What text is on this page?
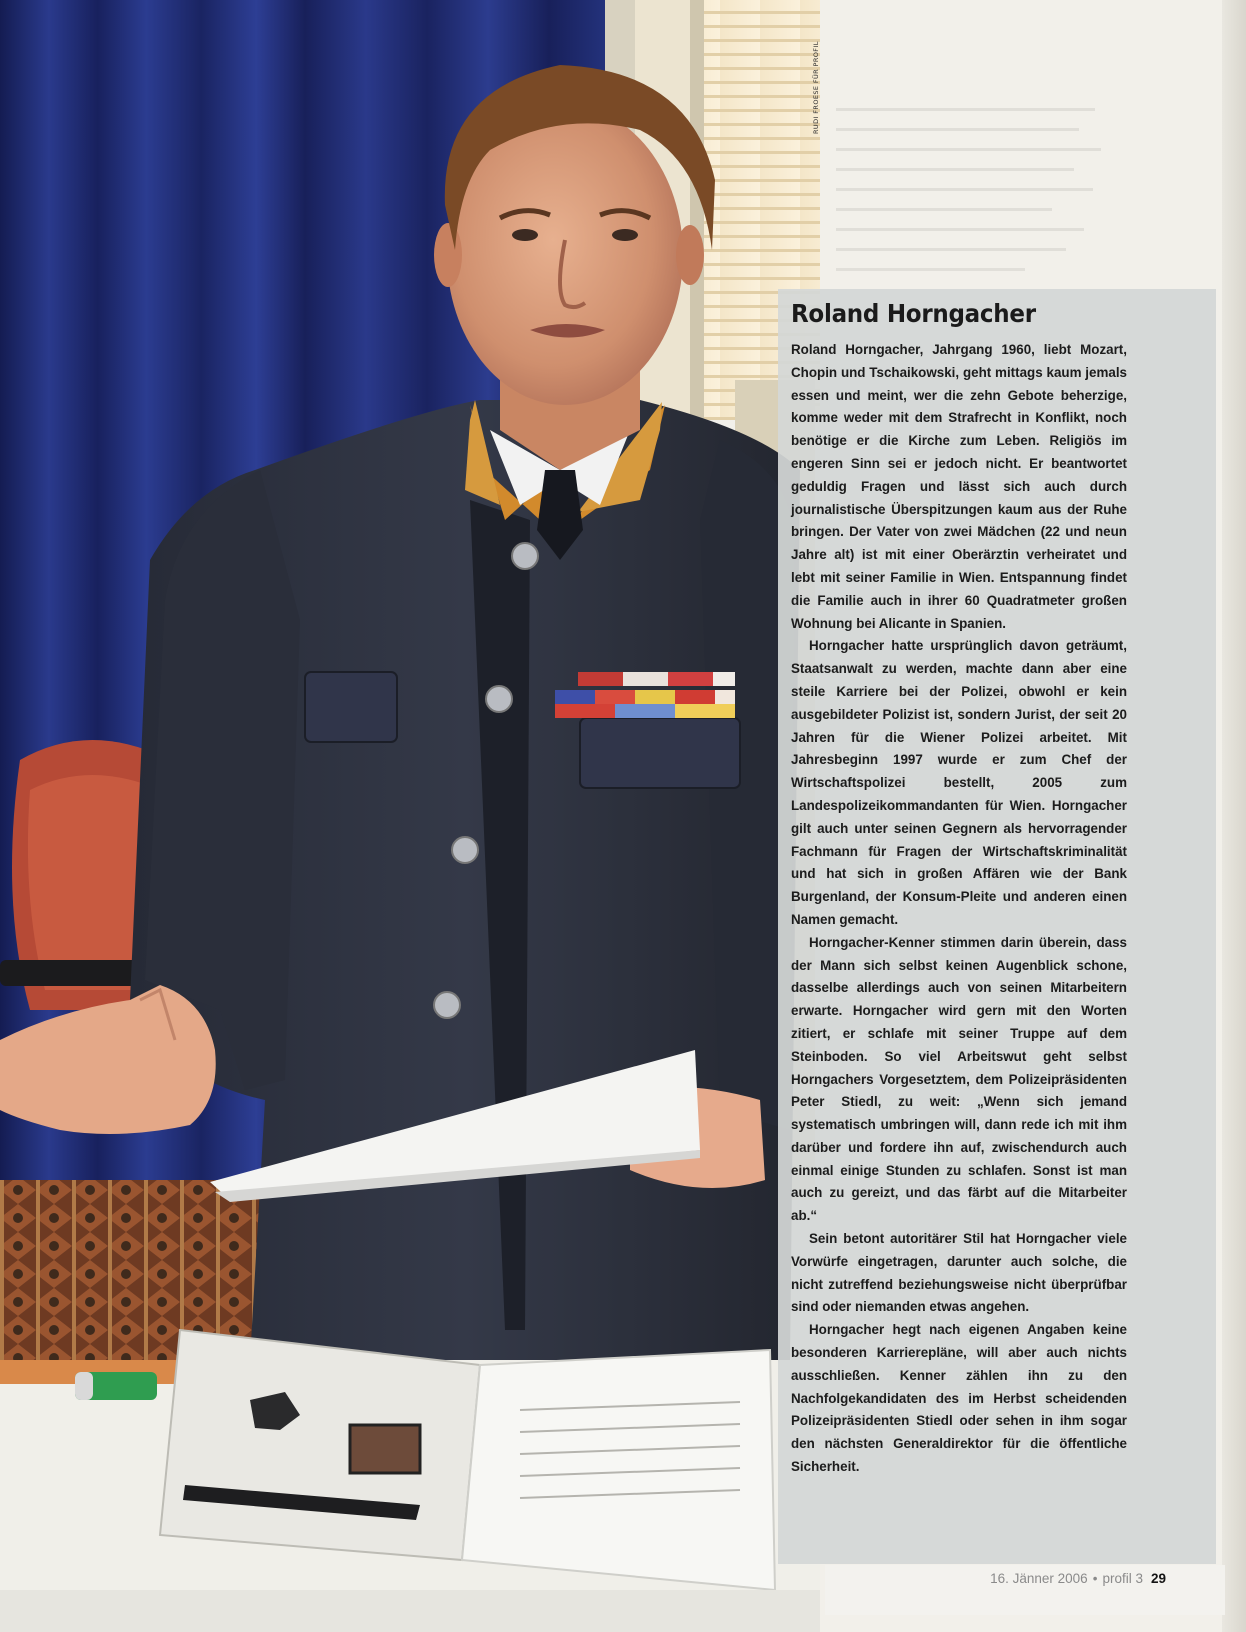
RUDI FROESE FÜR PROFIL
Roland Horngacher

Roland Horngacher, Jahrgang 1960, liebt Mozart, Chopin und Tschaikowski, geht mittags kaum jemals essen und meint, wer die zehn Gebote beherzige, komme weder mit dem Strafrecht in Konflikt, noch benötige er die Kirche zum Leben. Religiös im engeren Sinn sei er jedoch nicht. Er beantwortet geduldig Fragen und lässt sich auch durch journalistische Überspitzungen kaum aus der Ruhe bringen. Der Vater von zwei Mädchen (22 und neun Jahre alt) ist mit einer Oberärztin verheiratet und lebt mit seiner Familie in Wien. Entspannung findet die Familie auch in ihrer 60 Quadratmeter großen Wohnung bei Alicante in Spanien.

Horngacher hatte ursprünglich davon geträumt, Staatsanwalt zu werden, machte dann aber eine steile Karriere bei der Polizei, obwohl er kein ausgebildeter Polizist ist, sondern Jurist, der seit 20 Jahren für die Wiener Polizei arbeitet. Mit Jahresbeginn 1997 wurde er zum Chef der Wirtschaftspolizei bestellt, 2005 zum Landespolizeikommandanten für Wien. Horngacher gilt auch unter seinen Gegnern als hervorragender Fachmann für Fragen der Wirtschaftskriminalität und hat sich in großen Affären wie der Bank Burgenland, der Konsum-Pleite und anderen einen Namen gemacht.

Horngacher-Kenner stimmen darin überein, dass der Mann sich selbst keinen Augenblick schone, dasselbe allerdings auch von seinen Mitarbeitern erwarte. Horngacher wird gern mit den Worten zitiert, er schlafe mit seiner Truppe auf dem Steinboden. So viel Arbeitswut geht selbst Horngachers Vorgesetztem, dem Polizeipräsidenten Peter Stiedl, zu weit: „Wenn sich jemand systematisch umbringen will, dann rede ich mit ihm darüber und fordere ihn auf, zwischendurch auch einmal einige Stunden zu schlafen. Sonst ist man auch zu gereizt, und das färbt auf die Mitarbeiter ab.“

Sein betont autoritärer Stil hat Horngacher viele Vorwürfe eingetragen, darunter auch solche, die nicht zutreffend beziehungsweise nicht überprüfbar sind oder niemanden etwas angehen.

Horngacher hegt nach eigenen Angaben keine besonderen Karrierepläne, will aber auch nichts ausschließen. Kenner zählen ihn zu den Nachfolgekandidaten des im Herbst scheidenden Polizeipräsidenten Stiedl oder sehen in ihm sogar den nächsten Generaldirektor für die öffentliche Sicherheit.

16. Jänner 2006 • profil 3 29
